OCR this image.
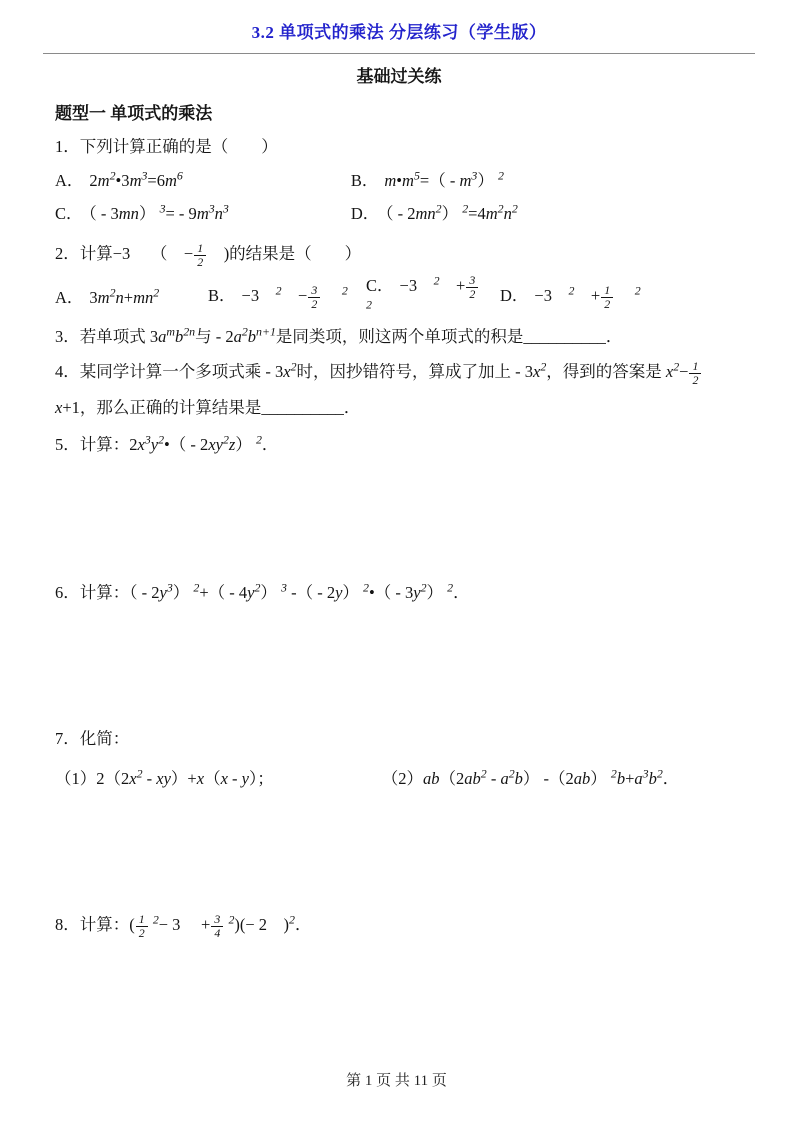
3.2 单项式的乘法 分层练习（学生版）
基础过关练
题型一 单项式的乘法
1．下列计算正确的是（　　）
A． $2m^2•3m^3=6m^6$	B． $m•m^5=( - m^3)$ $^2$
C． （ - 3mn） $^3= - 9m^3n^3$	D． （ - $2mn^2$） $^2=4m^2n^2$
2．计算−3　 （　− $\frac{1}{2}$ 　)的结果是（　　）
A． $3m^2n+mn^2$	B． −3　$^2$　− $\frac{3}{2}$
　 $^2$	C． −3　$^2$　+ $\frac{3}{2}$
　 $^2$	D． −3　$^2$　+ $\frac{1}{2}$
　 $^2$
3．若单项式 $3a^mb^{2n}$与 - $2a^2b^{n+1}$是同类项，则这两个单项式的积是__________．
4．某同学计算一个多项式乘 - $3x^2$时，因抄错符号，算成了加上 - $3x^2$，得到的答案是 $x^2- \frac{1}{2}$
x+1，那么正确的计算结果是__________．
5．计算：$2x^3y^2•( - 2xy^2z)$ $^2$．
6．计算：（ - $2y^3$） $^2+( - 4y^2)$ $^3$ -（ - 2y） $^2$•（ - $3y^2$） $^2$．
7．化简：
$(1)2(2x^2 - xy)+x(x - y)$；	$(2)ab(2ab^2 - a^2b)$ -（2ab） $^2b+a^3b^2$．
8．计算：( $\frac{1}{2} ^2- 3$　 + $\frac{3}{4} ^2)(- 2$　)$^2$．
第 1 页 共 11 页
